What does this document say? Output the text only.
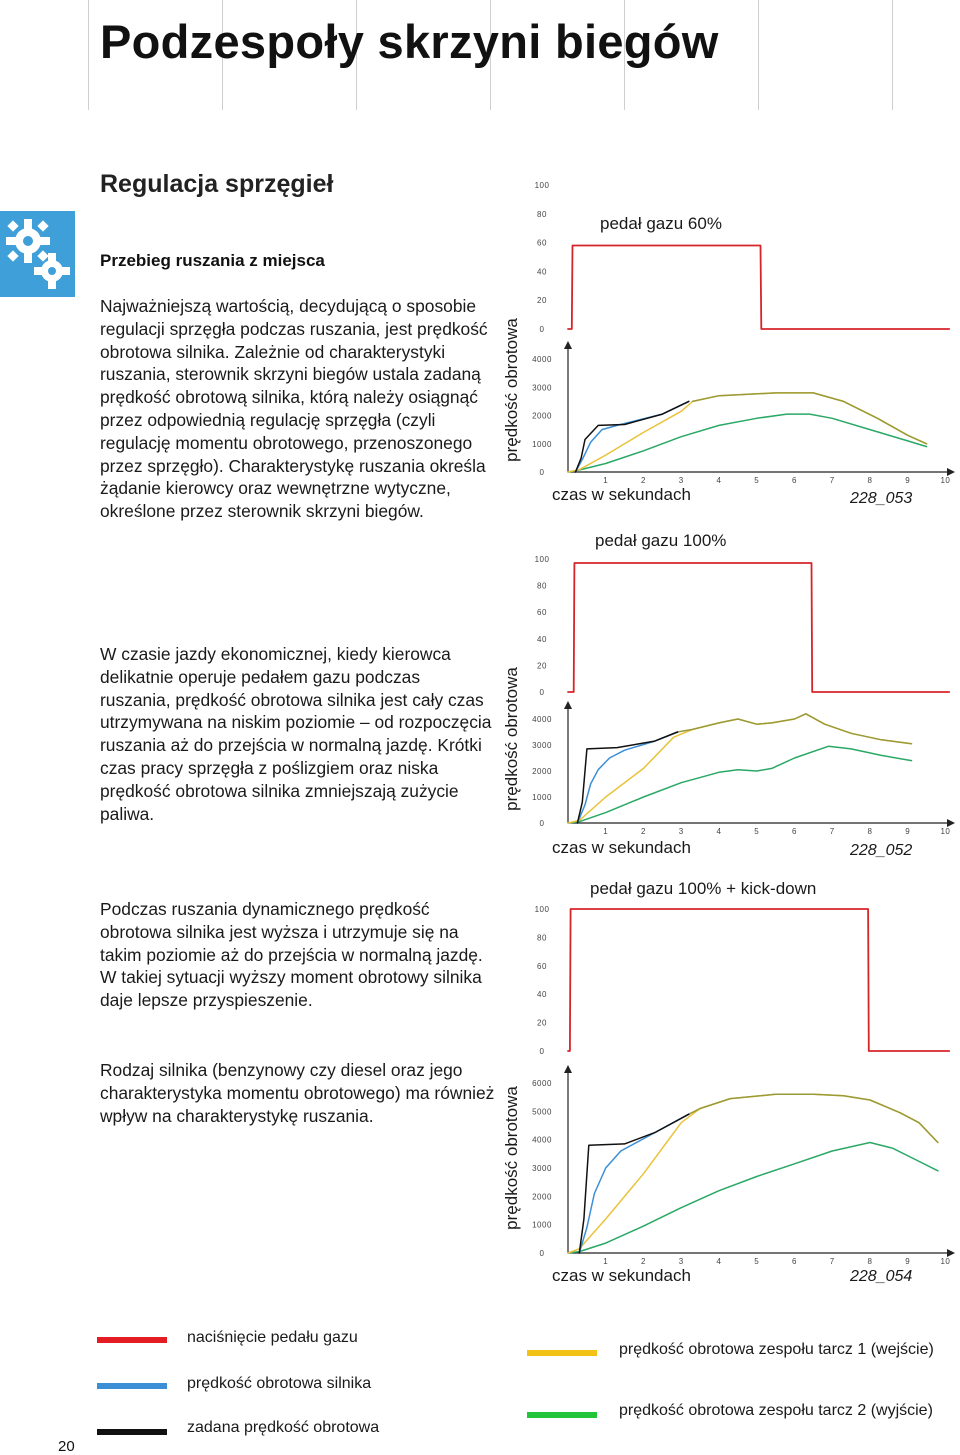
Podzespoły skrzyni biegów
Regulacja sprzęgieł
Przebieg ruszania z miejsca

Najważniejszą wartością, decydującą o sposobie regulacji sprzęgła podczas ruszania, jest prędkość obrotowa silnika. Zależnie od charakterystyki ruszania, sterownik skrzyni biegów ustala zadaną prędkość obrotową silnika, którą należy osiągnąć przez odpowiednią regulację sprzęgła (czyli regulację momentu obrotowego, przenoszonego przez sprzęgło). Charakterystykę ruszania określa żądanie kierowcy oraz wewnętrzne wytyczne, określone przez sterownik skrzyni biegów.

W czasie jazdy ekonomicznej, kiedy kierowca delikatnie operuje pedałem gazu podczas ruszania, prędkość obrotowa silnika jest cały czas utrzymywana na niskim poziomie – od rozpoczęcia ruszania aż do przejścia w normalną jazdę. Krótki czas pracy sprzęgła z poślizgiem oraz niska prędkość obrotowa silnika zmniejszają zużycie paliwa.

Podczas ruszania dynamicznego prędkość obrotowa silnika jest wyższa i utrzymuje się na takim poziomie aż do przejścia w normalną jazdę. W takiej sytuacji wyższy moment obrotowy silnika daje lepsze przyspieszenie.

Rodzaj silnika (benzynowy czy diesel oraz jego charakterystyka momentu obrotowego) ma również wpływ na charakterystykę ruszania.

pedał gazu 60%
prędkość obrotowa
czas w sekundach	228_053
100
80
60
40
20
0
4000
3000
2000
1000
0
1	2	3	4	5	6	7	8	9	10
pedał gazu 100%
prędkość obrotowa
czas w sekundach	228_052
100
80
60
40
20
0
4000
3000
2000
1000
0
1	2	3	4	5	6	7	8	9	10
pedał gazu 100% + kick-down
prędkość obrotowa
czas w sekundach	228_054
100
80
60
40
20
0
6000
5000
4000
3000
2000
1000
0
1	2	3	4	5	6	7	8	9	10
naciśnięcie pedału gazu
prędkość obrotowa silnika
zadana prędkość obrotowa
prędkość obrotowa zespołu tarcz 1 (wejście)
prędkość obrotowa zespołu tarcz 2 (wyjście)
20
